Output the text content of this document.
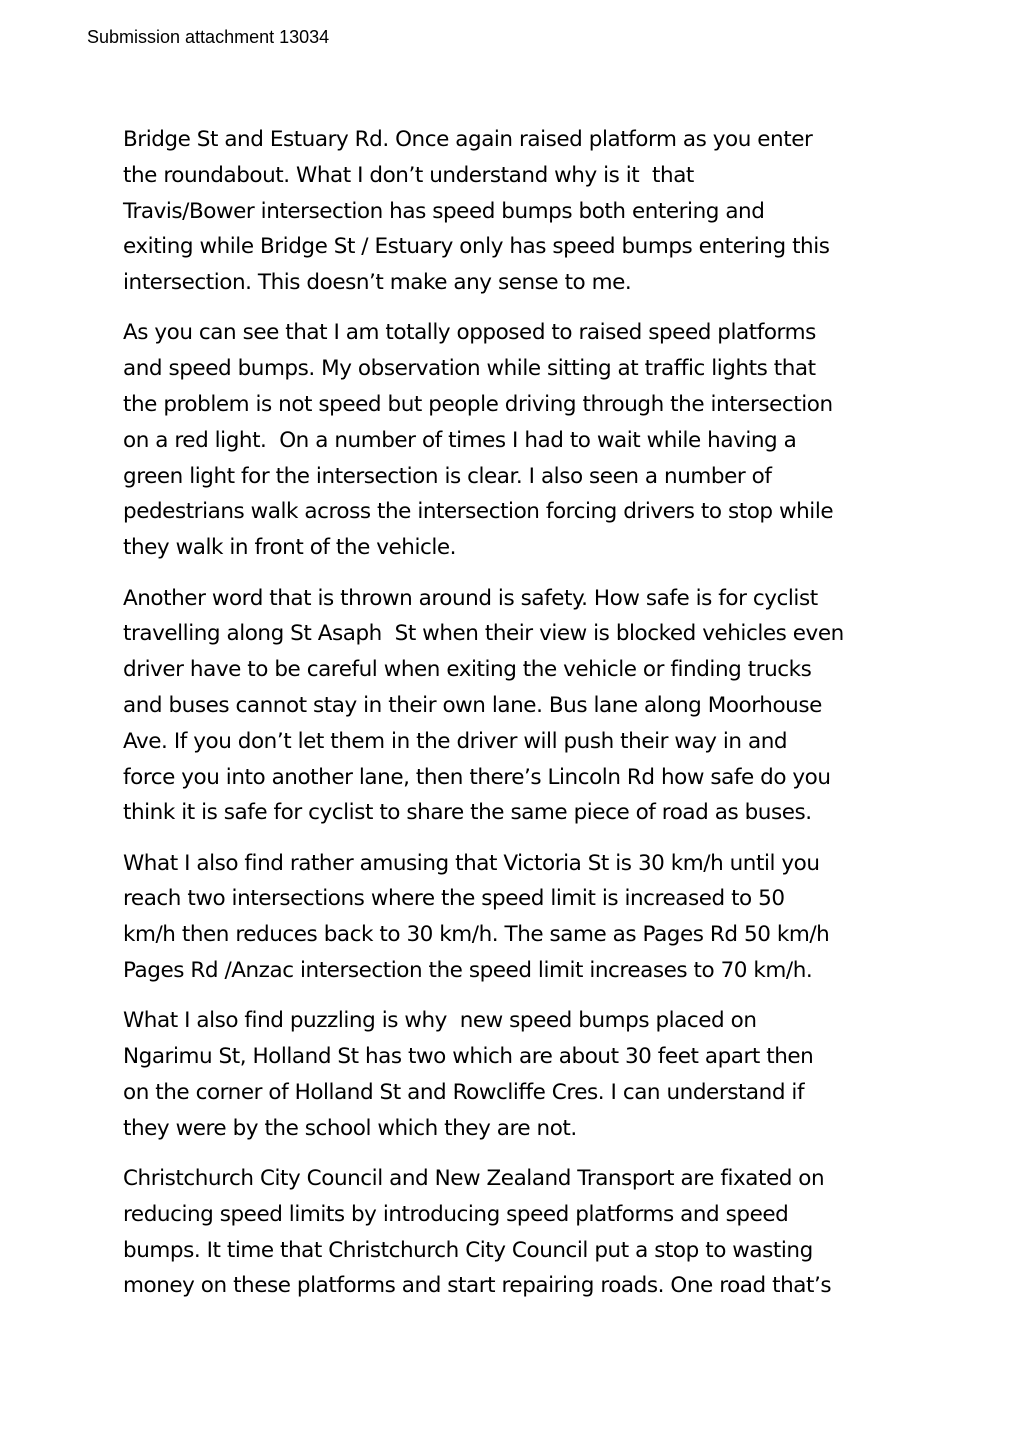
Submission attachment 13034
Bridge St and Estuary Rd. Once again raised platform as you enter
the roundabout. What I don’t understand why is it  that
Travis/Bower intersection has speed bumps both entering and
exiting while Bridge St / Estuary only has speed bumps entering this
intersection. This doesn’t make any sense to me.
As you can see that I am totally opposed to raised speed platforms
and speed bumps. My observation while sitting at traffic lights that
the problem is not speed but people driving through the intersection
on a red light.  On a number of times I had to wait while having a
green light for the intersection is clear. I also seen a number of
pedestrians walk across the intersection forcing drivers to stop while
they walk in front of the vehicle.
Another word that is thrown around is safety. How safe is for cyclist
travelling along St Asaph  St when their view is blocked vehicles even
driver have to be careful when exiting the vehicle or finding trucks
and buses cannot stay in their own lane. Bus lane along Moorhouse
Ave. If you don’t let them in the driver will push their way in and
force you into another lane, then there’s Lincoln Rd how safe do you
think it is safe for cyclist to share the same piece of road as buses.
What I also find rather amusing that Victoria St is 30 km/h until you
reach two intersections where the speed limit is increased to 50
km/h then reduces back to 30 km/h. The same as Pages Rd 50 km/h
Pages Rd /Anzac intersection the speed limit increases to 70 km/h.
What I also find puzzling is why  new speed bumps placed on
Ngarimu St, Holland St has two which are about 30 feet apart then
on the corner of Holland St and Rowcliffe Cres. I can understand if
they were by the school which they are not.
Christchurch City Council and New Zealand Transport are fixated on
reducing speed limits by introducing speed platforms and speed
bumps. It time that Christchurch City Council put a stop to wasting
money on these platforms and start repairing roads. One road that’s
